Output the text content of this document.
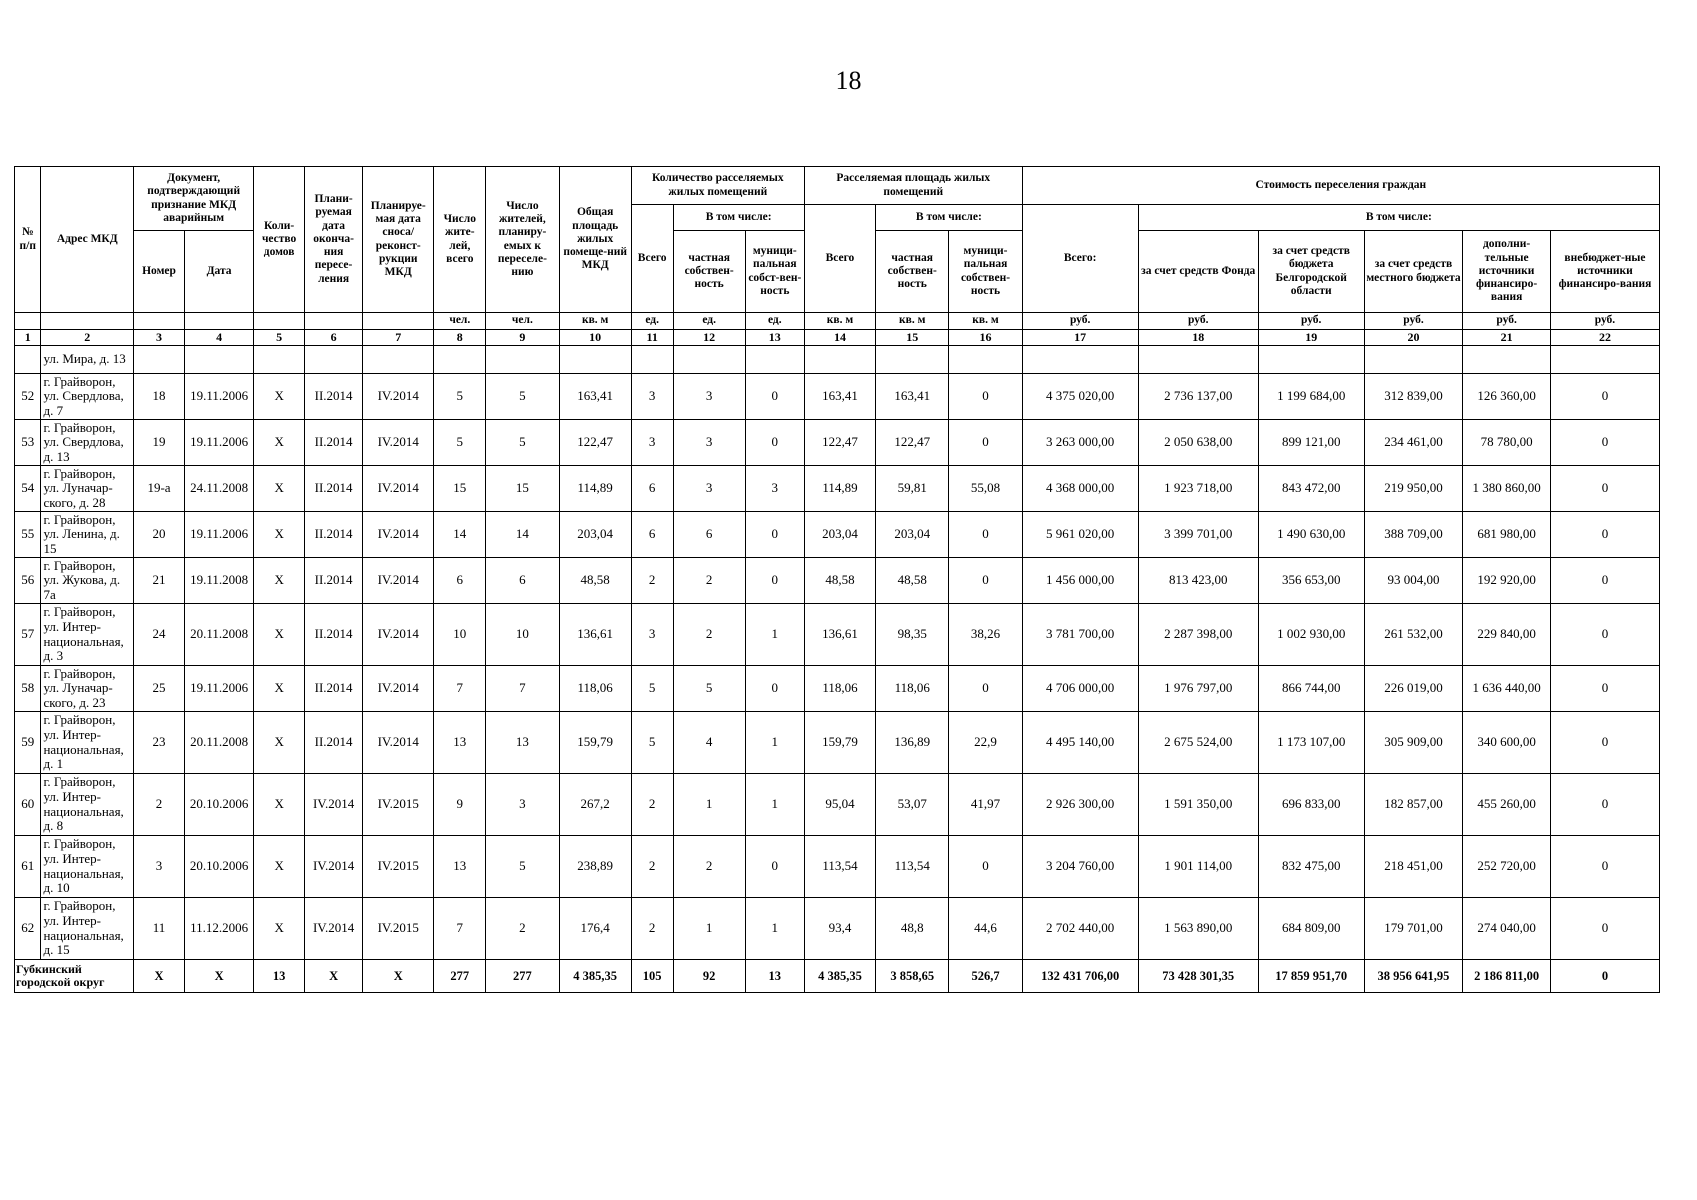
18
№ п/п	Адрес МКД	Документ, подтверждающий признание МКД аварийным		Коли-чество домов	Плани-руемая дата оконча-ния пересе-ления	Планируе-мая дата сноса/ реконст-рукции МКД	Число жите-лей, всего	Число жителей, планиру-емых к переселе-нию	Общая площадь жилых помеще-ний МКД	Количество расселяемых жилых помещений			Расселяемая площадь жилых помещений			Стоимость переселения граждан					
										Всего	В том числе:		Всего	В том числе:		Всего:	В том числе:				
		Номер	Дата								частная собствен-ность	муници-пальная собст-вен-ность		частная собствен-ность	муници-пальная собствен-ность		за счет средств Фонда	за счет средств бюджета Белгородской области	за счет средств местного бюджета	дополни-тельные источники финансиро-вания	внебюджет-ные источники финансиро-вания
							чел.	чел.	кв. м	ед.	ед.	ед.	кв. м	кв. м	кв. м	руб.	руб.	руб.	руб.	руб.	руб.
1	2	3	4	5	6	7	8	9	10	11	12	13	14	15	16	17	18	19	20	21	22
	ул. Мира, д. 13																				
52	г. Грайворон, ул. Свердлова, д. 7	18	19.11.2006	X	II.2014	IV.2014	5	5	163,41	3	3	0	163,41	163,41	0	4 375 020,00	2 736 137,00	1 199 684,00	312 839,00	126 360,00	0
53	г. Грайворон, ул. Свердлова, д. 13	19	19.11.2006	X	II.2014	IV.2014	5	5	122,47	3	3	0	122,47	122,47	0	3 263 000,00	2 050 638,00	899 121,00	234 461,00	78 780,00	0
54	г. Грайворон, ул. Луначар-ского, д. 28	19-а	24.11.2008	X	II.2014	IV.2014	15	15	114,89	6	3	3	114,89	59,81	55,08	4 368 000,00	1 923 718,00	843 472,00	219 950,00	1 380 860,00	0
55	г. Грайворон, ул. Ленина, д. 15	20	19.11.2006	X	II.2014	IV.2014	14	14	203,04	6	6	0	203,04	203,04	0	5 961 020,00	3 399 701,00	1 490 630,00	388 709,00	681 980,00	0
56	г. Грайворон, ул. Жукова, д. 7а	21	19.11.2008	X	II.2014	IV.2014	6	6	48,58	2	2	0	48,58	48,58	0	1 456 000,00	813 423,00	356 653,00	93 004,00	192 920,00	0
57	г. Грайворон, ул. Интер-национальная, д. 3	24	20.11.2008	X	II.2014	IV.2014	10	10	136,61	3	2	1	136,61	98,35	38,26	3 781 700,00	2 287 398,00	1 002 930,00	261 532,00	229 840,00	0
58	г. Грайворон, ул. Луначар-ского, д. 23	25	19.11.2006	X	II.2014	IV.2014	7	7	118,06	5	5	0	118,06	118,06	0	4 706 000,00	1 976 797,00	866 744,00	226 019,00	1 636 440,00	0
59	г. Грайворон, ул. Интер-национальная, д. 1	23	20.11.2008	X	II.2014	IV.2014	13	13	159,79	5	4	1	159,79	136,89	22,9	4 495 140,00	2 675 524,00	1 173 107,00	305 909,00	340 600,00	0
60	г. Грайворон, ул. Интер-национальная, д. 8	2	20.10.2006	X	IV.2014	IV.2015	9	3	267,2	2	1	1	95,04	53,07	41,97	2 926 300,00	1 591 350,00	696 833,00	182 857,00	455 260,00	0
61	г. Грайворон, ул. Интер-национальная, д. 10	3	20.10.2006	X	IV.2014	IV.2015	13	5	238,89	2	2	0	113,54	113,54	0	3 204 760,00	1 901 114,00	832 475,00	218 451,00	252 720,00	0
62	г. Грайворон, ул. Интер-национальная, д. 15	11	11.12.2006	X	IV.2014	IV.2015	7	2	176,4	2	1	1	93,4	48,8	44,6	2 702 440,00	1 563 890,00	684 809,00	179 701,00	274 040,00	0
Губкинский городской округ		X	X	13	X	X	277	277	4 385,35	105	92	13	4 385,35	3 858,65	526,7	132 431 706,00	73 428 301,35	17 859 951,70	38 956 641,95	2 186 811,00	0
